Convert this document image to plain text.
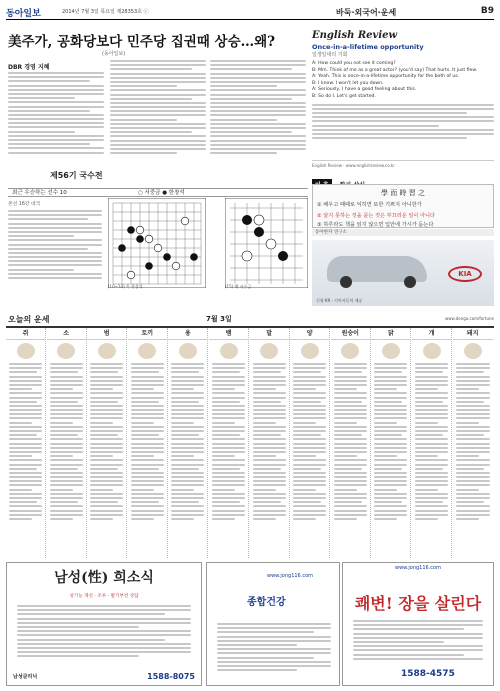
동아일보	2014년 7월 3일 목요일 제28353호 ⓒ	바둑·외국어·운세	B9
美주가, 공화당보다 민주당 집권때 상승…왜?
(동아일보)
DBR 경영 지혜
English Review
Once-in-a-lifetime opportunity
일생일대의 기회
A: How could you not see it coming?
B: Mm. Think of me as a great actor? (you'd say) That hurts. It just flew.
A: Yeah. This is once-in-a-lifetime opportunity for the both of us.
B: I know. I won't let you down.
A: Seriously, I have a good feeling about this.
B: So do I. Let's get started.
English Review · www.englishreview.co.kr

學 而 時 習 之
① 배우고 때때로 익히면 또한 기쁘지 아니한가
② 알지 못하는 것을 묻는 것은 부끄러운 일이 아니다
③ 하루라도 책을 읽지 않으면 입안에 가시가 돋는다
동아한자 연구소
제56기 국수전
최근 우승하는 선수 10	○ 서중금 ● 한창석
본선 16강 대국
(10~14) 흑 한창석	(15) 백 서중금
KIA
신형 K9 · 기아자동차 제공
오늘의 운세	7월 3일	www.donga.com/fortune
쥐	소	범	토끼	용	뱀	말	양	원숭이	닭	개	돼지
남성(性) 희소식
성기능 개선 · 조루 · 발기부전 상담
남성클리닉	1588-8075
www.jong116.com
종합건강
www.jong116.com
쾌변! 장을 살린다
1588-4575
